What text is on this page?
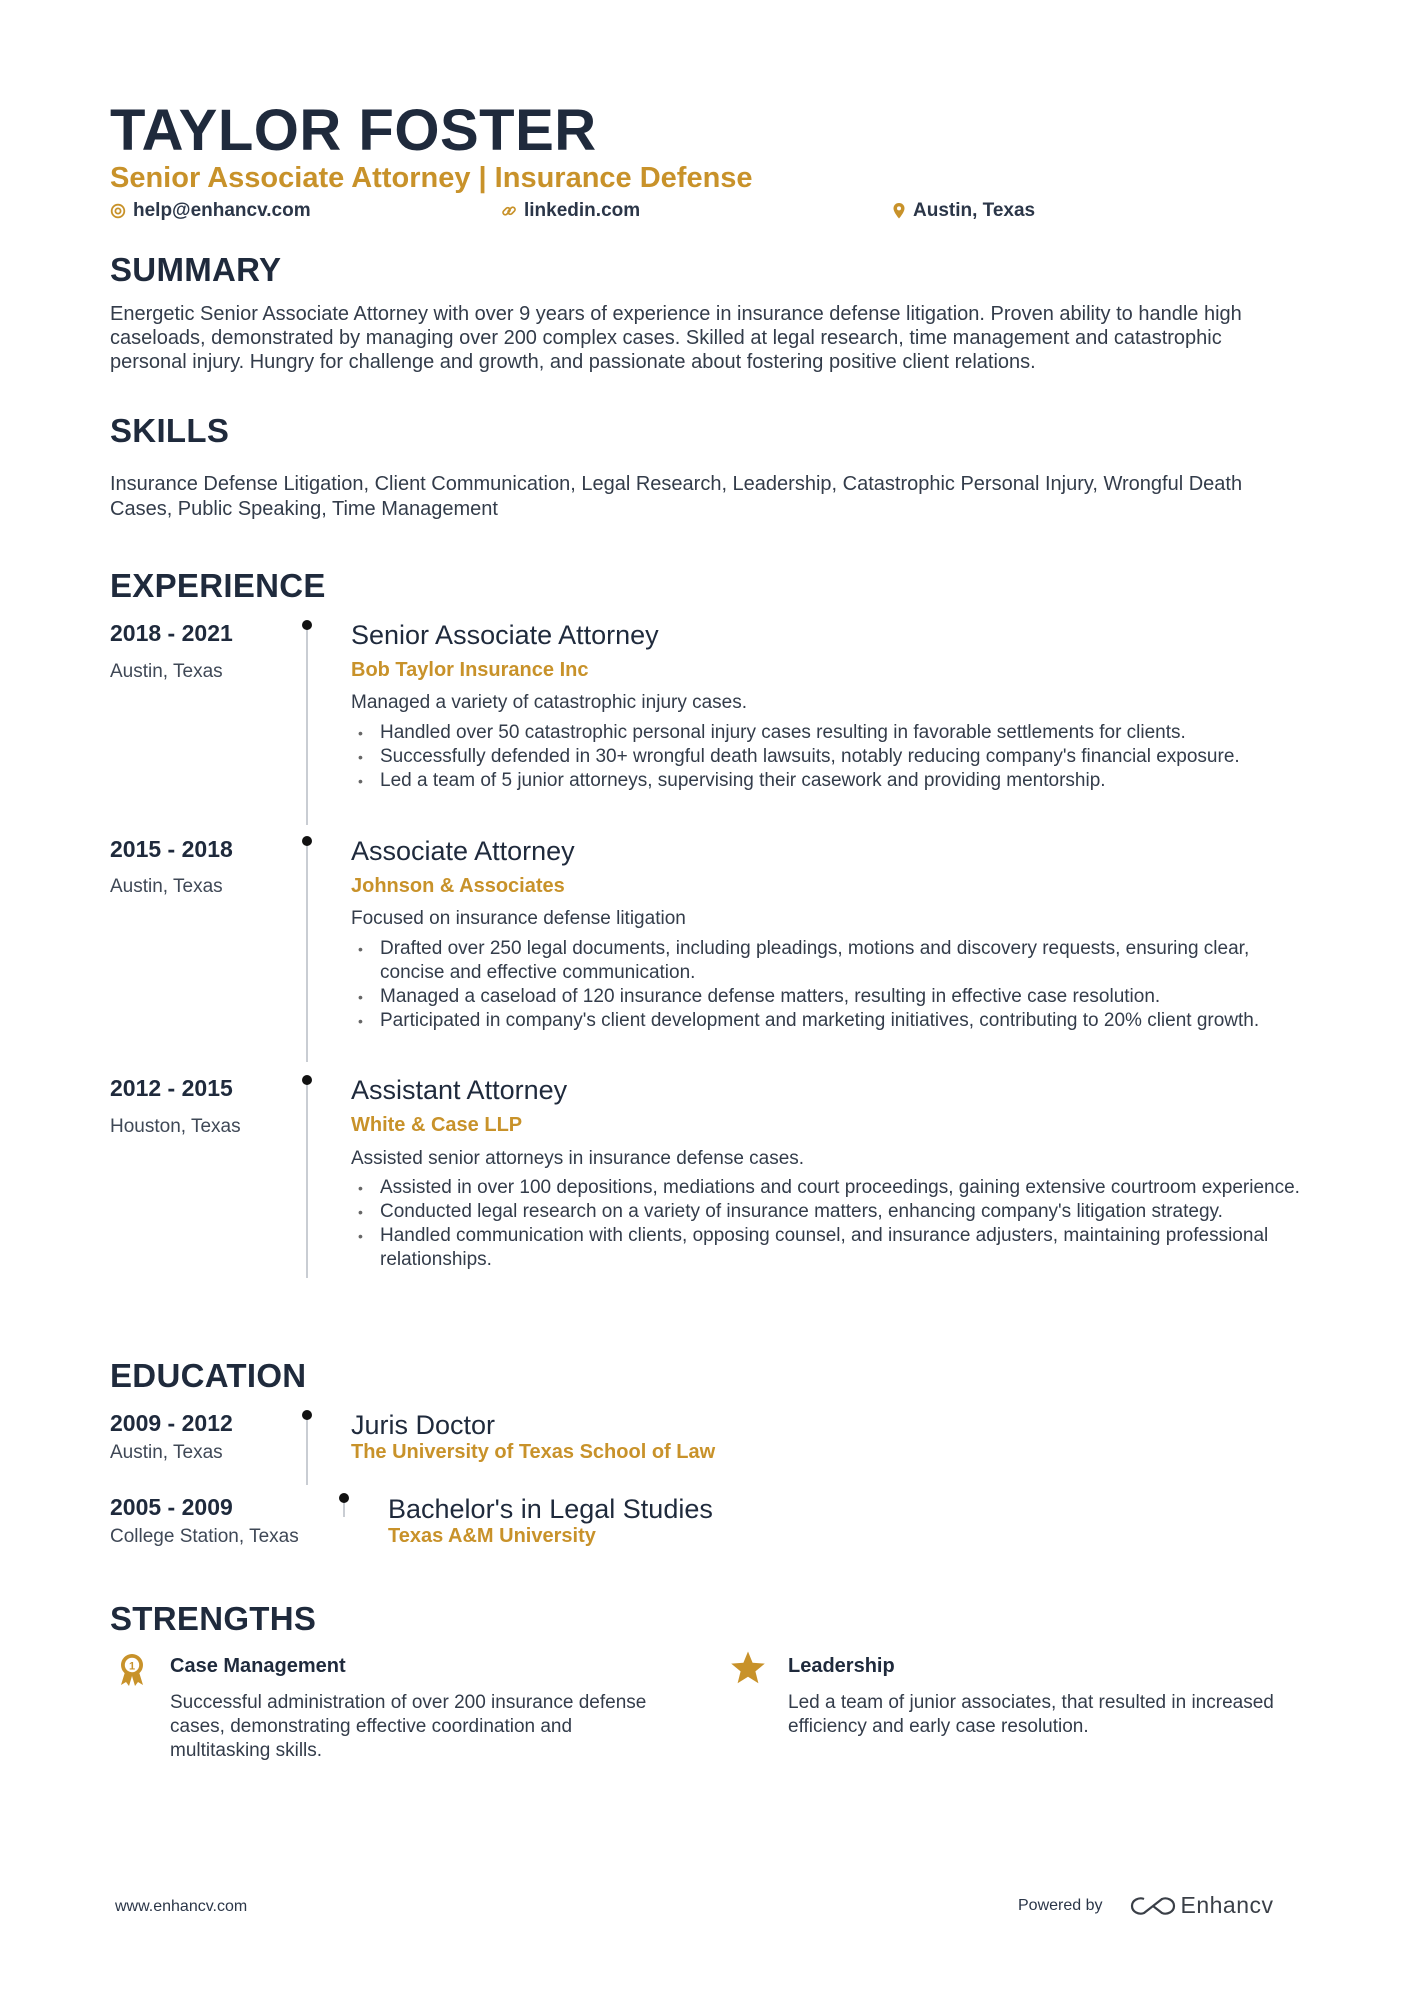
TAYLOR FOSTER
Senior Associate Attorney | Insurance Defense
help@enhancv.com	linkedin.com	Austin, Texas
SUMMARY

Energetic Senior Associate Attorney with over 9 years of experience in insurance defense litigation. Proven ability to handle high caseloads, demonstrated by managing over 200 complex cases. Skilled at legal research, time management and catastrophic personal injury. Hungry for challenge and growth, and passionate about fostering positive client relations.

SKILLS

Insurance Defense Litigation, Client Communication, Legal Research, Leadership, Catastrophic Personal Injury, Wrongful Death Cases, Public Speaking, Time Management

EXPERIENCE
2018 - 2021
Austin, Texas
Senior Associate Attorney
Bob Taylor Insurance Inc
Managed a variety of catastrophic injury cases.
• Handled over 50 catastrophic personal injury cases resulting in favorable settlements for clients.
• Successfully defended in 30+ wrongful death lawsuits, notably reducing company's financial exposure.
• Led a team of 5 junior attorneys, supervising their casework and providing mentorship.
2015 - 2018
Austin, Texas
Associate Attorney
Johnson & Associates
Focused on insurance defense litigation
• Drafted over 250 legal documents, including pleadings, motions and discovery requests, ensuring clear, concise and effective communication.
• Managed a caseload of 120 insurance defense matters, resulting in effective case resolution.
• Participated in company's client development and marketing initiatives, contributing to 20% client growth.
2012 - 2015
Houston, Texas
Assistant Attorney
White & Case LLP
Assisted senior attorneys in insurance defense cases.
• Assisted in over 100 depositions, mediations and court proceedings, gaining extensive courtroom experience.
• Conducted legal research on a variety of insurance matters, enhancing company's litigation strategy.
• Handled communication with clients, opposing counsel, and insurance adjusters, maintaining professional relationships.
EDUCATION
2009 - 2012
Austin, Texas
Juris Doctor
The University of Texas School of Law
2005 - 2009
College Station, Texas
Bachelor's in Legal Studies
Texas A&M University
STRENGTHS
1 Case Management

Successful administration of over 200 insurance defense cases, demonstrating effective coordination and multitasking skills.

Leadership

Led a team of junior associates, that resulted in increased efficiency and early case resolution.

www.enhancv.com	Powered by	Enhancv
